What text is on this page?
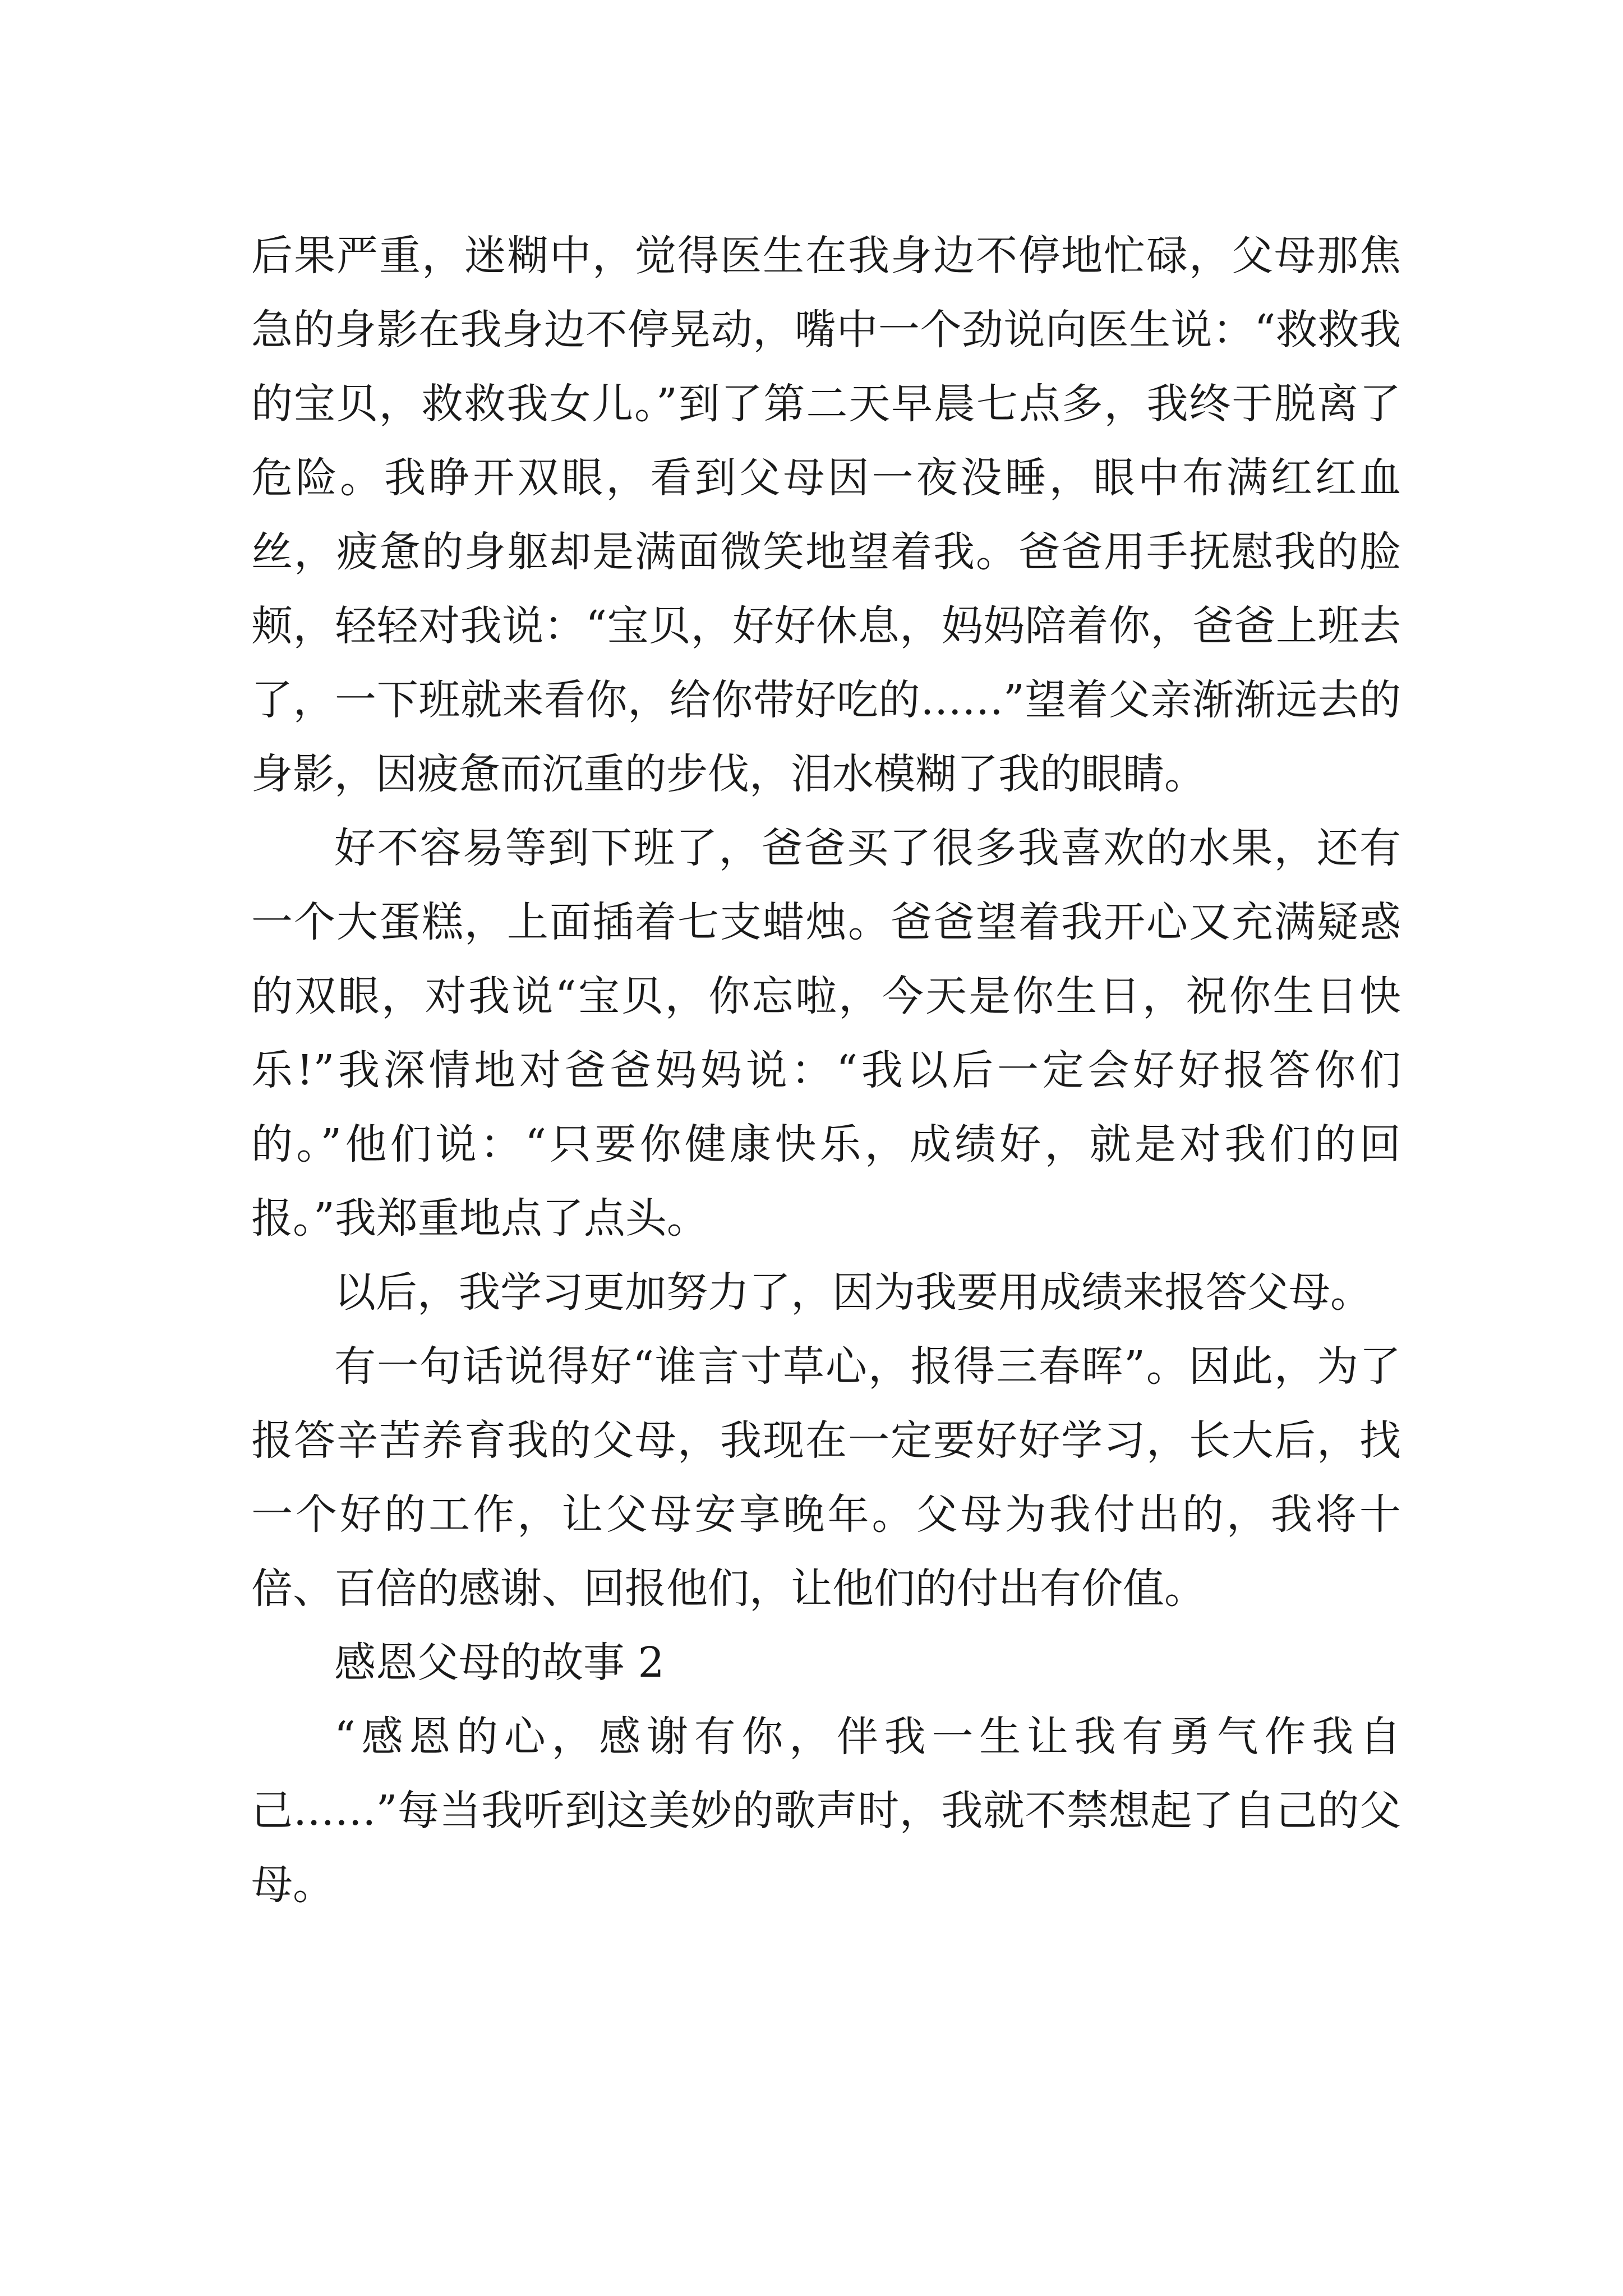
后果严重，迷糊中，觉得医生在我身边不停地忙碌，父母那焦急的身影在我身边不停晃动，嘴中一个劲说向医生说：“救救我的宝贝，救救我女儿。”到了第二天早晨七点多，我终于脱离了危险。我睁开双眼，看到父母因一夜没睡，眼中布满红红血丝，疲惫的身躯却是满面微笑地望着我。爸爸用手抚慰我的脸颊，轻轻对我说：“宝贝，好好休息，妈妈陪着你，爸爸上班去了，一下班就来看你，给你带好吃的……”望着父亲渐渐远去的身影，因疲惫而沉重的步伐，泪水模糊了我的眼睛。

好不容易等到下班了，爸爸买了很多我喜欢的水果，还有一个大蛋糕，上面插着七支蜡烛。爸爸望着我开心又充满疑惑的双眼，对我说“宝贝，你忘啦，今天是你生日，祝你生日快乐!”我深情地对爸爸妈妈说：“我以后一定会好好报答你们的。”他们说：“只要你健康快乐，成绩好，就是对我们的回报。”我郑重地点了点头。

以后，我学习更加努力了，因为我要用成绩来报答父母。

有一句话说得好“谁言寸草心，报得三春晖”。因此，为了报答辛苦养育我的父母，我现在一定要好好学习，长大后，找一个好的工作，让父母安享晚年。父母为我付出的，我将十倍、百倍的感谢、回报他们，让他们的付出有价值。

感恩父母的故事 2

“感恩的心，感谢有你，伴我一生让我有勇气作我自己……”每当我听到这美妙的歌声时，我就不禁想起了自己的父母。
